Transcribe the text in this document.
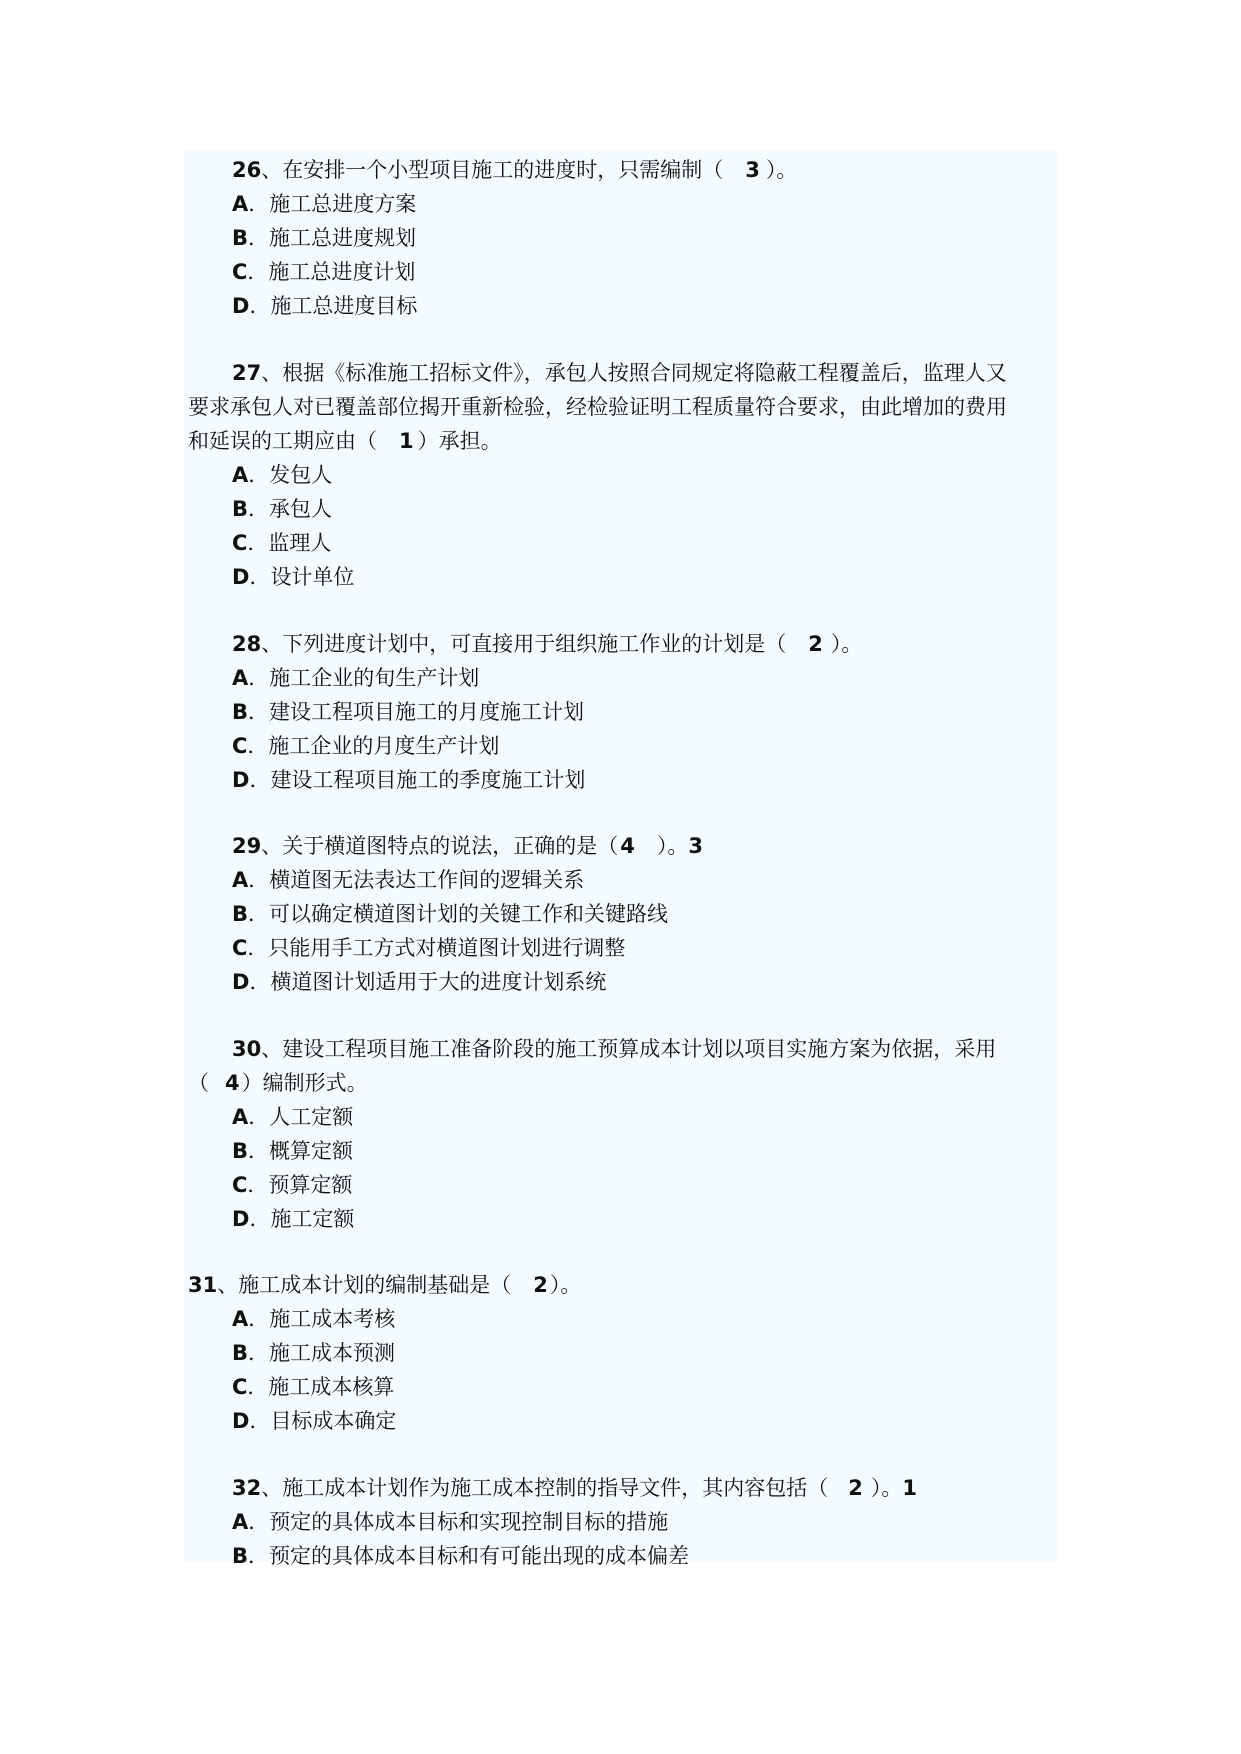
26、在安排一个小型项目施工的进度时，只需编制（ 3 ）。
A．施工总进度方案
B．施工总进度规划
C．施工总进度计划
D．施工总进度目标
27、根据《标准施工招标文件》，承包人按照合同规定将隐蔽工程覆盖后，监理人又
要求承包人对已覆盖部位揭开重新检验，经检验证明工程质量符合要求，由此增加的费用
和延误的工期应由（ 1 ）承担。
A．发包人
B．承包人
C．监理人
D．设计单位
28、下列进度计划中，可直接用于组织施工作业的计划是（ 2 ）。
A．施工企业的旬生产计划
B．建设工程项目施工的月度施工计划
C．施工企业的月度生产计划
D．建设工程项目施工的季度施工计划
29、关于横道图特点的说法，正确的是（4 ）。3
A．横道图无法表达工作间的逻辑关系
B．可以确定横道图计划的关键工作和关键路线
C．只能用手工方式对横道图计划进行调整
D．横道图计划适用于大的进度计划系统
30、建设工程项目施工准备阶段的施工预算成本计划以项目实施方案为依据，采用
（ 4）编制形式。
A．人工定额
B．概算定额
C．预算定额
D．施工定额
31、施工成本计划的编制基础是（ 2）。
A．施工成本考核
B．施工成本预测
C．施工成本核算
D．目标成本确定
32、施工成本计划作为施工成本控制的指导文件，其内容包括（ 2 ）。1
A．预定的具体成本目标和实现控制目标的措施
B．预定的具体成本目标和有可能出现的成本偏差
